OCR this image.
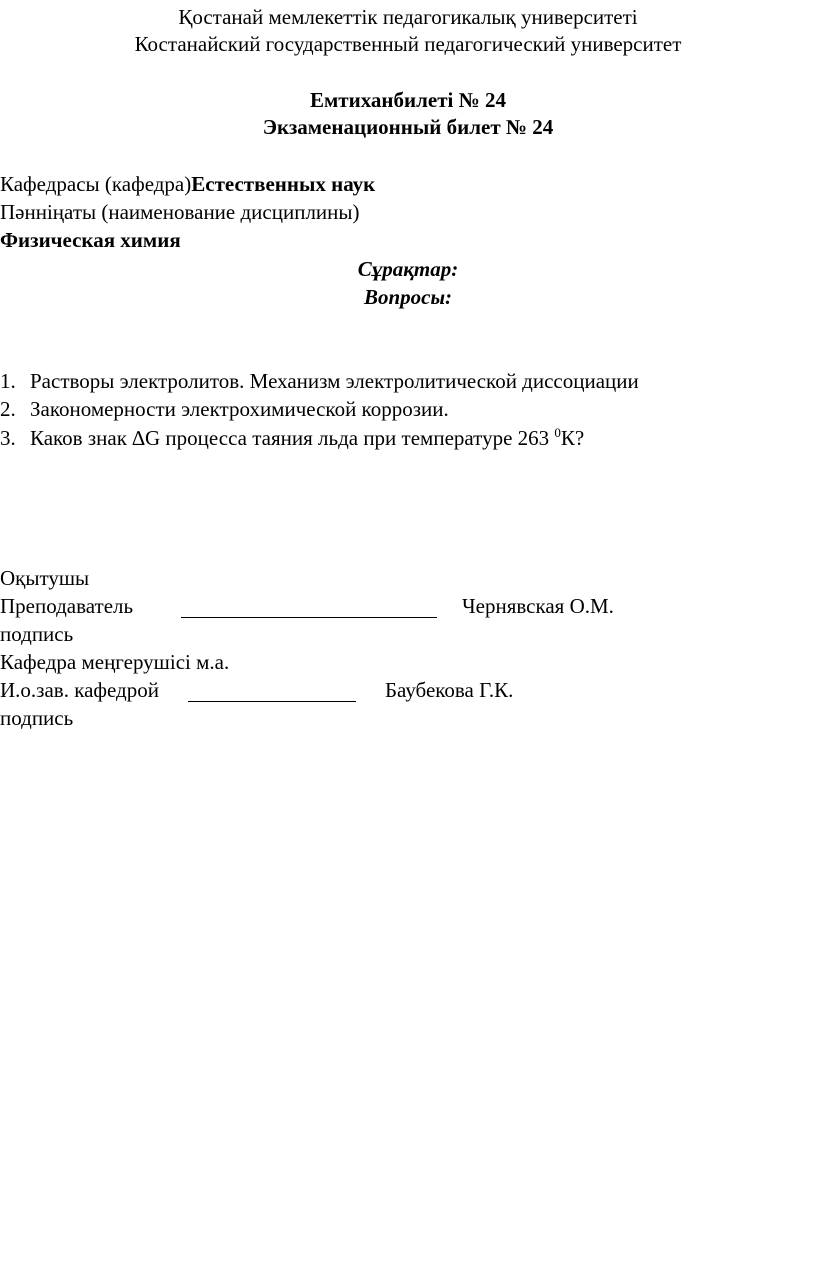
Қостанай мемлекеттік педагогикалық университеті
Костанайский государственный педагогический университет
Емтиханбилеті № 24
Экзаменационный билет № 24
Кафедрасы (кафедра)Естественных наук
Пәнніңаты (наименование дисциплины)
Физическая химия
Сұрақтар:
Вопросы:
1. Растворы электролитов. Механизм электролитической диссоциации
2. Закономерности электрохимической коррозии.
3. Каков знак ∆G процесса таяния льда при температуре 263 $^0$К?
Оқытушы
Преподаватель	Чернявская О.М.
подпись
Кафедра меңгерушісі м.а.
И.о.зав. кафедрой	Баубекова Г.К.
подпись
